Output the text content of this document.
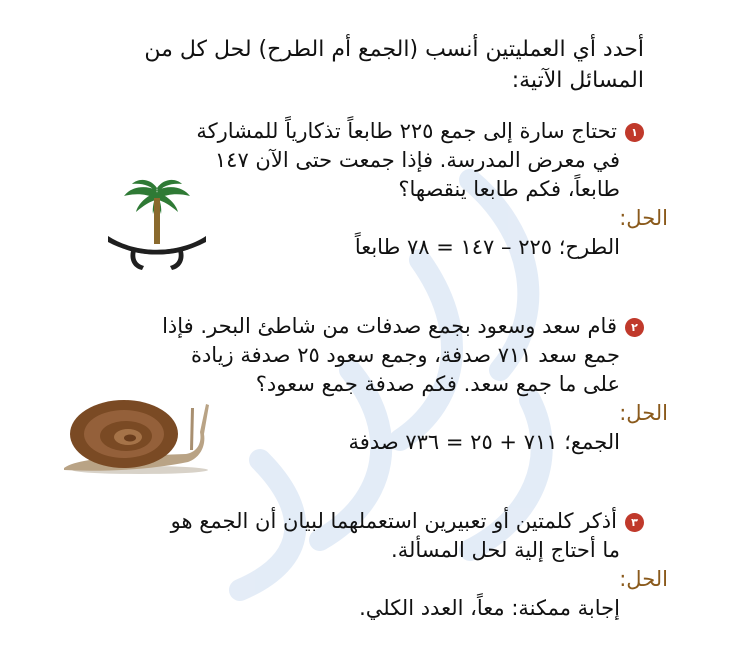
أحدد أي العمليتين أنسب (الجمع أم الطرح) لحل كل من
المسائل الآتية:
١تحتاج سارة إلى جمع ٢٢٥ طابعاً تذكارياً للمشاركة
في معرض المدرسة. فإذا جمعت حتى الآن ١٤٧
طابعاً، فكم طابعا ينقصها؟
الحل:
الطرح؛ ٢٢٥ – ١٤٧ = ٧٨ طابعاً
٢قام سعد وسعود بجمع صدفات من شاطئ البحر. فإذا
جمع سعد ٧١١ صدفة، وجمع سعود ٢٥ صدفة زيادة
على ما جمع سعد. فكم صدفة جمع سعود؟
الحل:
الجمع؛ ٧١١ + ٢٥ = ٧٣٦ صدفة
٣أذكر كلمتين أو تعبيرين استعملهما لبيان أن الجمع هو
ما أحتاج إلية لحل المسألة.
الحل:
إجابة ممكنة: معاً، العدد الكلي.
